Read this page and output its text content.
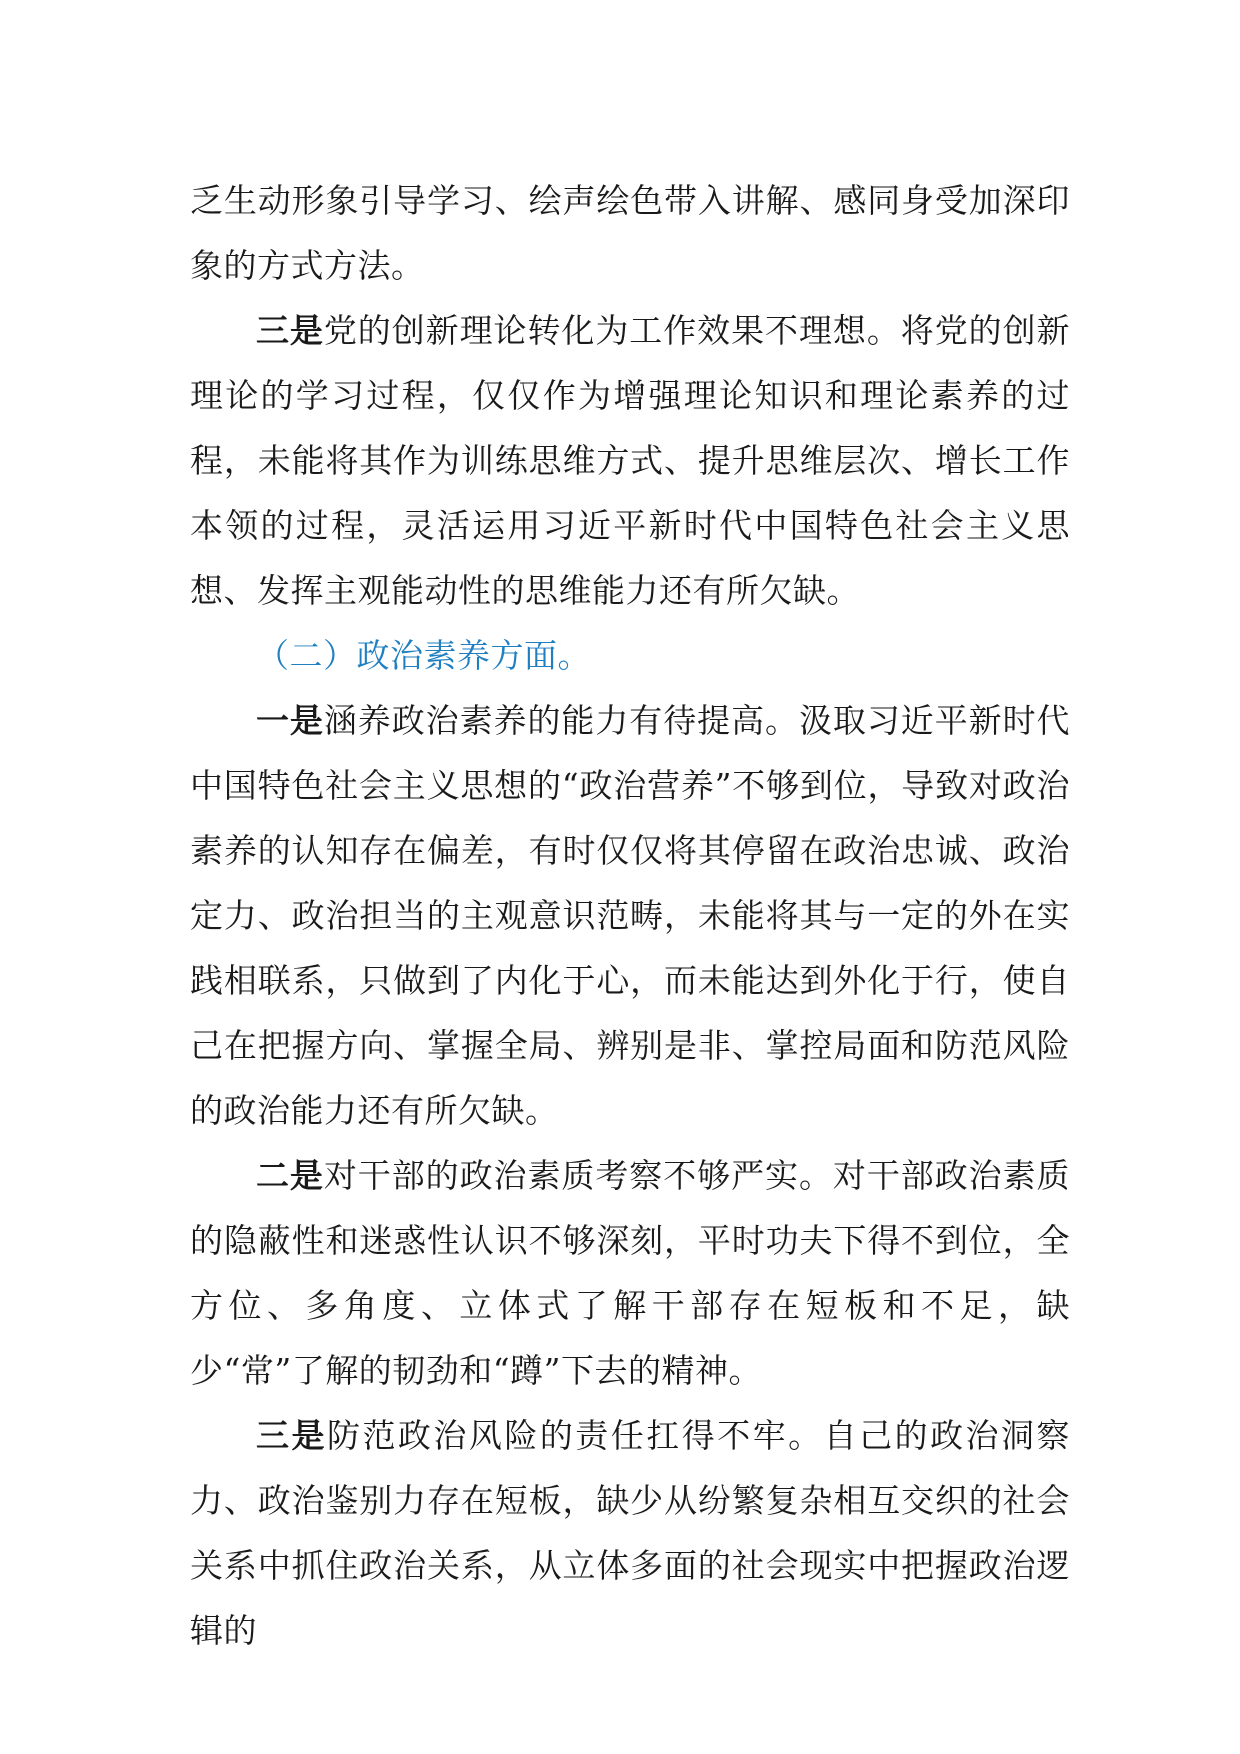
乏生动形象引导学习、绘声绘色带入讲解、感同身受加深印象的方式方法。

三是党的创新理论转化为工作效果不理想。将党的创新理论的学习过程，仅仅作为增强理论知识和理论素养的过程，未能将其作为训练思维方式、提升思维层次、增长工作本领的过程，灵活运用习近平新时代中国特色社会主义思想、发挥主观能动性的思维能力还有所欠缺。

（二）政治素养方面。

一是涵养政治素养的能力有待提高。汲取习近平新时代中国特色社会主义思想的“政治营养”不够到位，导致对政治素养的认知存在偏差，有时仅仅将其停留在政治忠诚、政治定力、政治担当的主观意识范畴，未能将其与一定的外在实践相联系，只做到了内化于心，而未能达到外化于行，使自己在把握方向、掌握全局、辨别是非、掌控局面和防范风险的政治能力还有所欠缺。

二是对干部的政治素质考察不够严实。对干部政治素质的隐蔽性和迷惑性认识不够深刻，平时功夫下得不到位，全方位、多角度、立体式了解干部存在短板和不足，缺少“常”了解的韧劲和“蹲”下去的精神。

三是防范政治风险的责任扛得不牢。自己的政治洞察力、政治鉴别力存在短板，缺少从纷繁复杂相互交织的社会关系中抓住政治关系，从立体多面的社会现实中把握政治逻辑的
